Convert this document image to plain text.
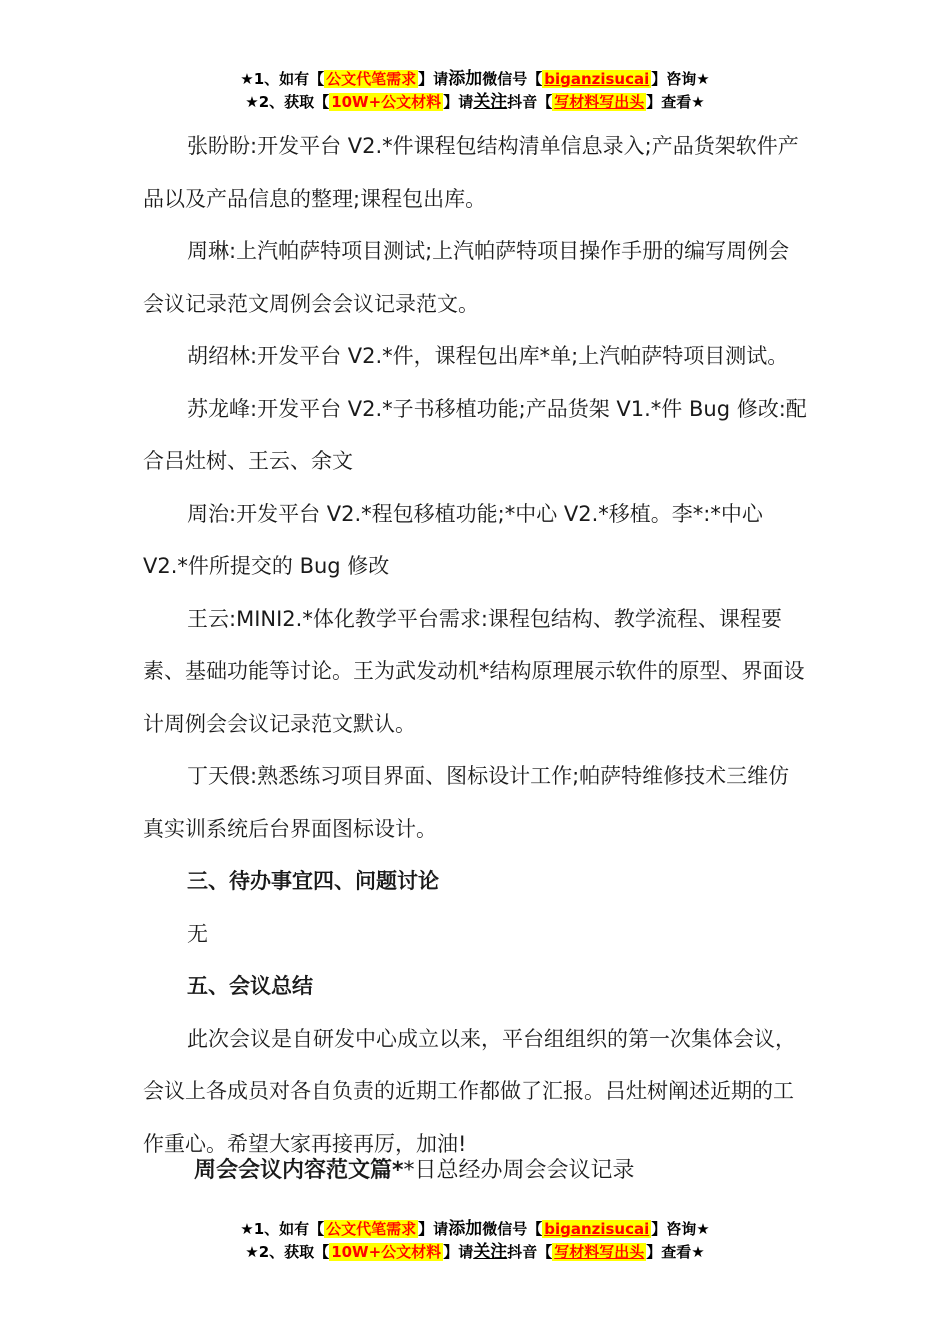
★1、如有【 公文代笔需求 】请添加微信号【 biganzisucai 】咨询★
★2、获取【 10W+公文材料 】请关注抖音【 写材料写出头 】查看★

张盼盼:开发平台 V2.*件课程包结构清单信息录入;产品货架软件产品以及产品信息的整理;课程包出库。

周琳:上汽帕萨特项目测试;上汽帕萨特项目操作手册的编写周例会会议记录范文周例会会议记录范文。

胡绍林:开发平台 V2.*件，课程包出库*单;上汽帕萨特项目测试。

苏龙峰:开发平台 V2.*子书移植功能;产品货架 V1.*件 Bug 修改:配合吕灶树、王云、余文

周治:开发平台 V2.*程包移植功能;*中心 V2.*移植。李*:*中心 V2.*件所提交的 Bug 修改

王云:MINI2.*体化教学平台需求:课程包结构、教学流程、课程要素、基础功能等讨论。王为武发动机*结构原理展示软件的原型、界面设计周例会会议记录范文默认。

丁天偎:熟悉练习项目界面、图标设计工作;帕萨特维修技术三维仿真实训系统后台界面图标设计。

三、待办事宜四、问题讨论

无

五、会议总结

此次会议是自研发中心成立以来，平台组组织的第一次集体会议，会议上各成员对各自负责的近期工作都做了汇报。吕灶树阐述近期的工作重心。希望大家再接再厉，加油!

周会会议内容范文篇**日总经办周会会议记录
★1、如有【 公文代笔需求 】请添加微信号【 biganzisucai 】咨询★
★2、获取【 10W+公文材料 】请关注抖音【 写材料写出头 】查看★
